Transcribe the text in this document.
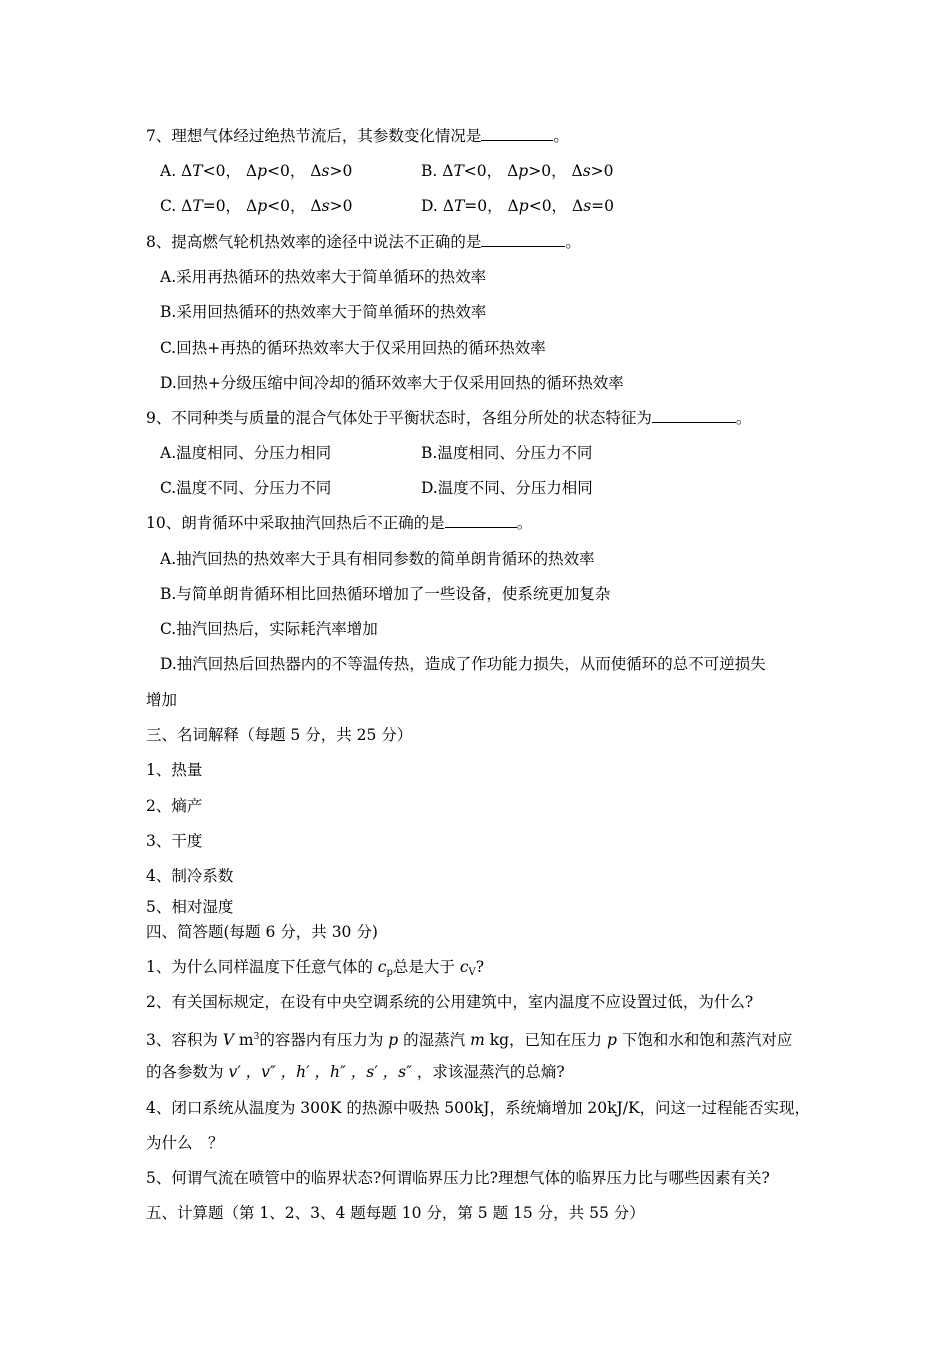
7、理想气体经过绝热节流后，其参数变化情况是	。
A. ΔT<0， Δp<0， Δs>0	B. ΔT<0， Δp>0， Δs>0
C. ΔT=0， Δp<0， Δs>0	D. ΔT=0， Δp<0， Δs=0
8、提高燃气轮机热效率的途径中说法不正确的是	。
A.采用再热循环的热效率大于简单循环的热效率
B.采用回热循环的热效率大于简单循环的热效率
C.回热+再热的循环热效率大于仅采用回热的循环热效率
D.回热+分级压缩中间冷却的循环效率大于仅采用回热的循环热效率
9、不同种类与质量的混合气体处于平衡状态时，各组分所处的状态特征为	。
A.温度相同、分压力相同	B.温度相同、分压力不同
C.温度不同、分压力不同	D.温度不同、分压力相同
10、朗肯循环中采取抽汽回热后不正确的是	。
A.抽汽回热的热效率大于具有相同参数的简单朗肯循环的热效率
B.与简单朗肯循环相比回热循环增加了一些设备，使系统更加复杂
C.抽汽回热后，实际耗汽率增加
D.抽汽回热后回热器内的不等温传热，造成了作功能力损失，从而使循环的总不可逆损失
增加
三、名词解释（每题 5 分，共 25 分）
1、热量
2、熵产
3、干度
4、制冷系数
5、相对湿度
四、简答题(每题 6 分，共 30 分)
1、为什么同样温度下任意气体的 $c_p$总是大于 $c_V$?
2、有关国标规定，在设有中央空调系统的公用建筑中，室内温度不应设置过低，为什么?
3、容积为 V $m^3$的容器内有压力为 p 的湿蒸汽 m kg，已知在压力 p 下饱和水和饱和蒸汽对应
的各参数为 v′ ，v″ ，h′ ，h″ ，s′ ，s″ ，求该湿蒸汽的总熵?
4、闭口系统从温度为 300K 的热源中吸热 500kJ，系统熵增加 20kJ/K，问这一过程能否实现，
为什么　？
5、何谓气流在喷管中的临界状态?何谓临界压力比?理想气体的临界压力比与哪些因素有关?
五、计算题（第 1、2、3、4 题每题 10 分，第 5 题 15 分，共 55 分）
